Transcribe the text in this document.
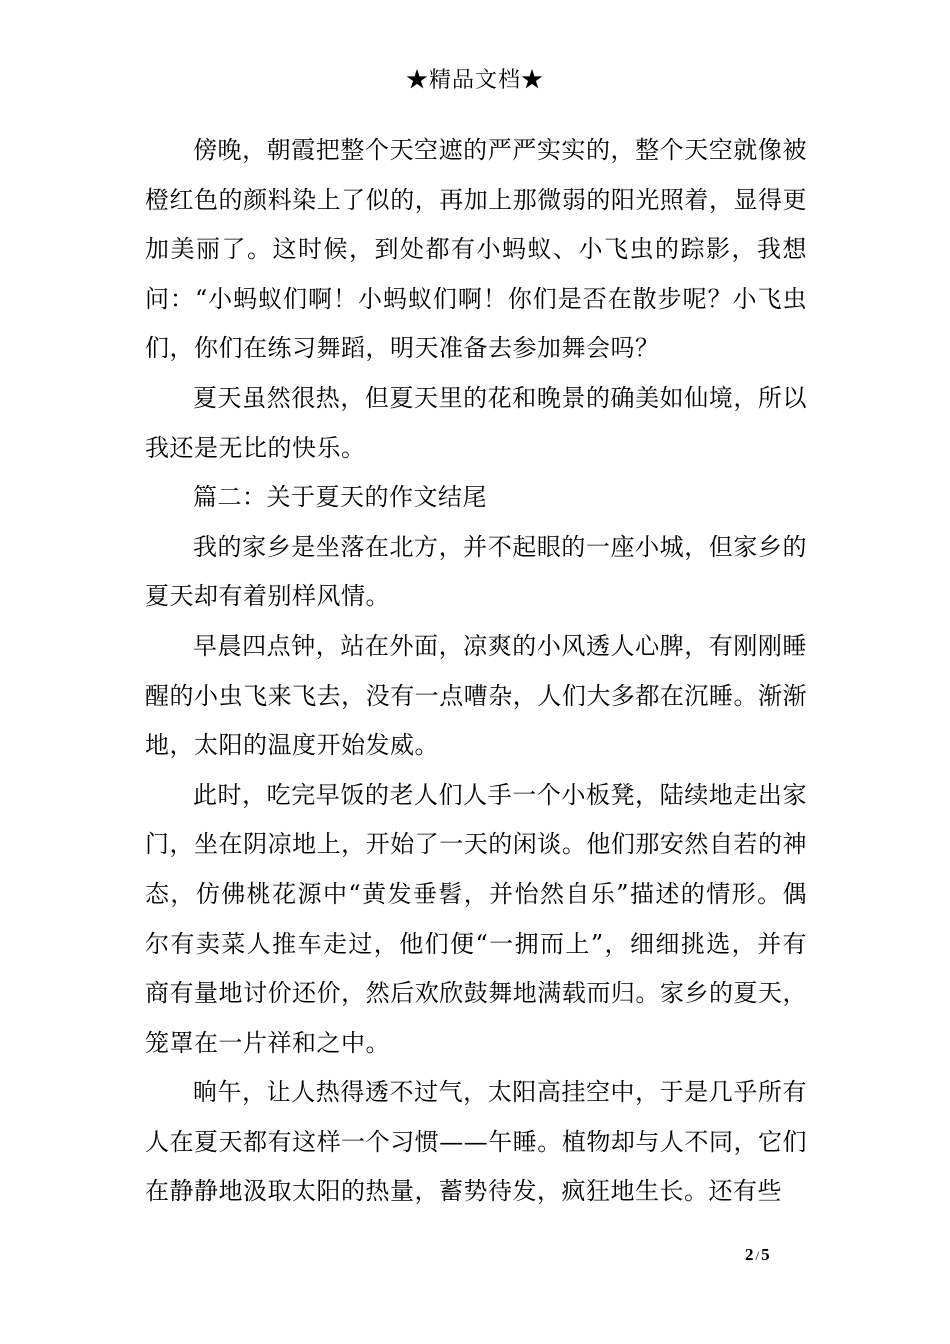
★精品文档★

傍晚，朝霞把整个天空遮的严严实实的，整个天空就像被橙红色的颜料染上了似的，再加上那微弱的阳光照着，显得更加美丽了。这时候，到处都有小蚂蚁、小飞虫的踪影，我想问：“小蚂蚁们啊！小蚂蚁们啊！你们是否在散步呢？小飞虫们，你们在练习舞蹈，明天准备去参加舞会吗？

夏天虽然很热，但夏天里的花和晚景的确美如仙境，所以我还是无比的快乐。

篇二：关于夏天的作文结尾

我的家乡是坐落在北方，并不起眼的一座小城，但家乡的夏天却有着别样风情。

早晨四点钟，站在外面，凉爽的小风透人心脾，有刚刚睡醒的小虫飞来飞去，没有一点嘈杂，人们大多都在沉睡。渐渐地，太阳的温度开始发威。

此时，吃完早饭的老人们人手一个小板凳，陆续地走出家门，坐在阴凉地上，开始了一天的闲谈。他们那安然自若的神态，仿佛桃花源中“黄发垂髫，并怡然自乐”描述的情形。偶尔有卖菜人推车走过，他们便“一拥而上”，细细挑选，并有商有量地讨价还价，然后欢欣鼓舞地满载而归。家乡的夏天，笼罩在一片祥和之中。

晌午，让人热得透不过气，太阳高挂空中，于是几乎所有人在夏天都有这样一个习惯——午睡。植物却与人不同，它们在静静地汲取太阳的热量，蓄势待发，疯狂地生长。还有些

2 / 5
